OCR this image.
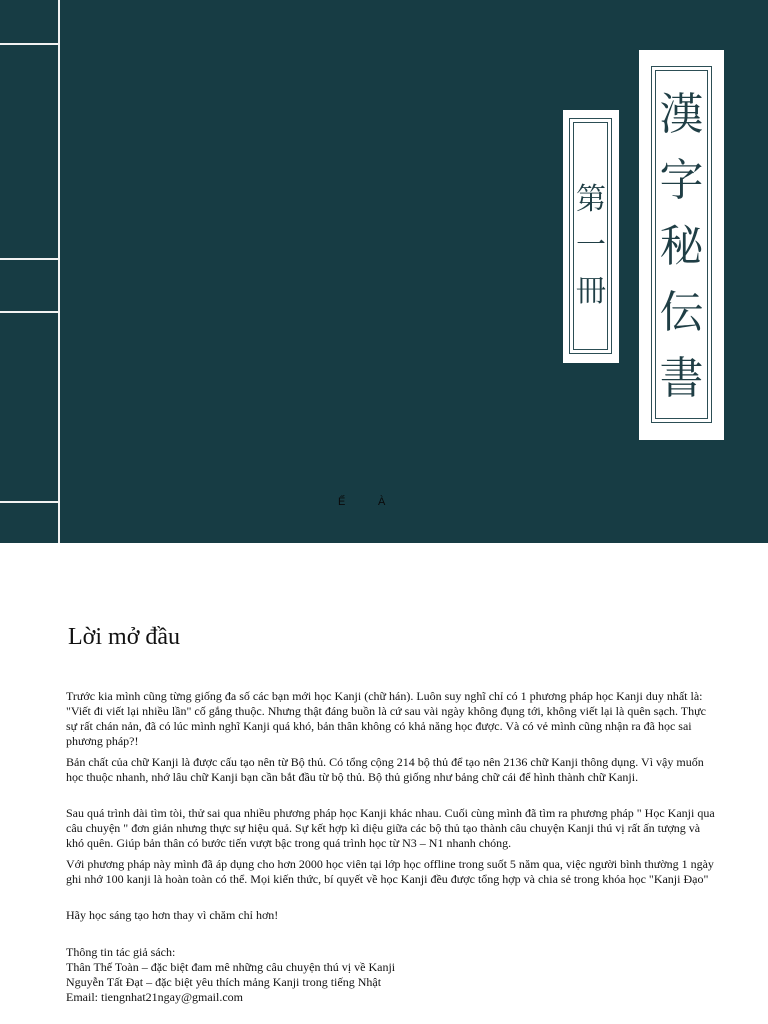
漢
字
秘
伝
書
第
一
冊
Ế	À
Lời mở đầu

Trước kia mình cũng từng giống đa số các bạn mới học Kanji (chữ hán). Luôn suy nghĩ chỉ có 1 phương pháp học Kanji duy nhất là: "Viết đi viết lại nhiều lần" cố gắng thuộc. Nhưng thật đáng buồn là cứ sau vài ngày không đụng tới, không viết lại là quên sạch. Thực sự rất chán nản, đã có lúc mình nghĩ Kanji quá khó, bản thân không có khả năng học được. Và có vẻ mình cũng nhận ra đã học sai phương pháp?!

Bản chất của chữ Kanji là được cấu tạo nên từ Bộ thủ. Có tổng cộng 214 bộ thủ để tạo nên 2136 chữ Kanji thông dụng. Vì vậy muốn học thuộc nhanh, nhớ lâu chữ Kanji bạn cần bắt đầu từ bộ thủ. Bộ thủ giống như bảng chữ cái để hình thành chữ Kanji.

Sau quá trình dài tìm tòi, thử sai qua nhiều phương pháp học Kanji khác nhau. Cuối cùng mình đã tìm ra phương pháp " Học Kanji qua câu chuyện " đơn giản nhưng thực sự hiệu quả. Sự kết hợp kì diệu giữa các bộ thủ tạo thành câu chuyện Kanji thú vị rất ấn tượng và khó quên. Giúp bản thân có bước tiến vượt bậc trong quá trình học từ N3 – N1 nhanh chóng.

Với phương pháp này mình đã áp dụng cho hơn 2000 học viên tại lớp học offline trong suốt 5 năm qua, việc người bình thường 1 ngày ghi nhớ 100 kanji là hoàn toàn có thể. Mọi kiến thức, bí quyết về học Kanji đều được tổng hợp và chia sẻ trong khóa học "Kanji Đạo"

Hãy học sáng tạo hơn thay vì chăm chỉ hơn!

Thông tin tác giả sách:
Thân Thế Toàn – đặc biệt đam mê những câu chuyện thú vị về Kanji
Nguyễn Tất Đạt – đặc biệt yêu thích mảng Kanji trong tiếng Nhật
Email: tiengnhat21ngay@gmail.com
